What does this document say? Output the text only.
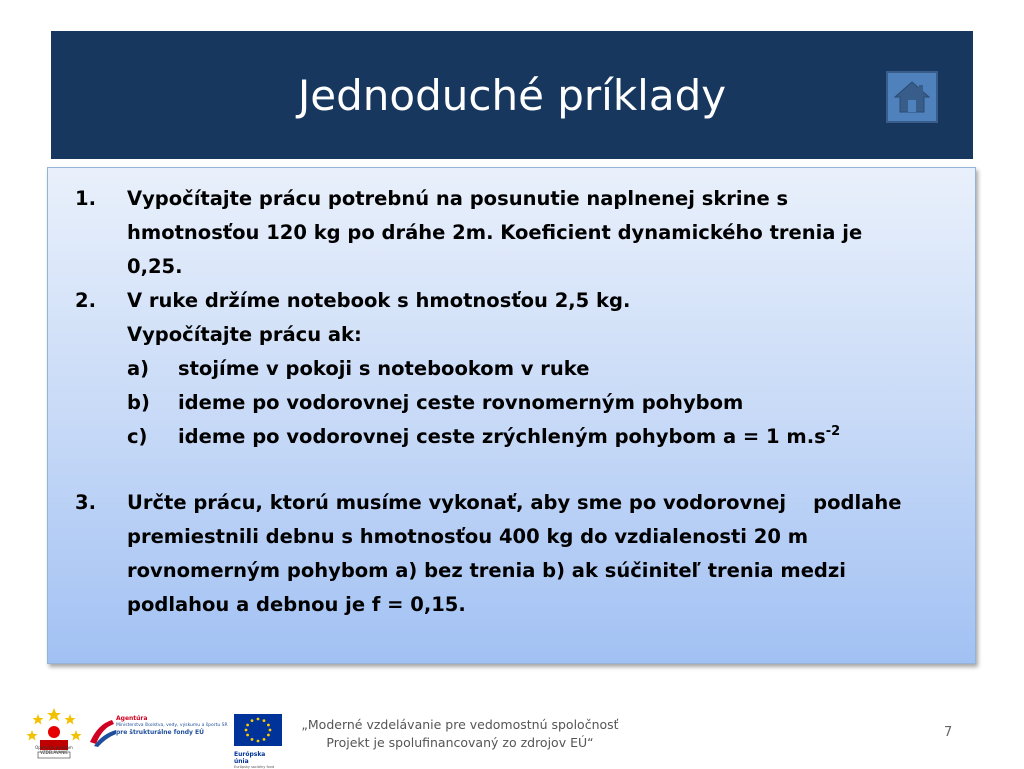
Jednoduché príklady
1. Vypočítajte prácu potrebnú na posunutie naplnenej skrine s
hmotnosťou 120 kg po dráhe 2m. Koeficient dynamického trenia je
0,25.
2. V ruke držíme notebook s hmotnosťou 2,5 kg.
Vypočítajte prácu ak:
a) stojíme v pokoji s notebookom v ruke
b) ideme po vodorovnej ceste rovnomerným pohybom
c) ideme po vodorovnej ceste zrýchleným pohybom a = 1 $m.s^{-2}$
3. Určte prácu, ktorú musíme vykonať, aby sme po vodorovnej    podlahe
premiestnili debnu s hmotnosťou 400 kg do vzdialenosti 20 m
rovnomerným pohybom a) bez trenia b) ak súčiniteľ trenia medzi
podlahou a debnou je f = 0,15.
Operačný program VZDELÁVANIE
Agentúra
Ministerstva školstva, vedy, výskumu a športu SR
pre štrukturálne fondy EÚ
Európska únia
Európsky sociálny fond
„Moderné vzdelávanie pre vedomostnú spoločnosť
Projekt je spolufinancovaný zo zdrojov EÚ“
7
